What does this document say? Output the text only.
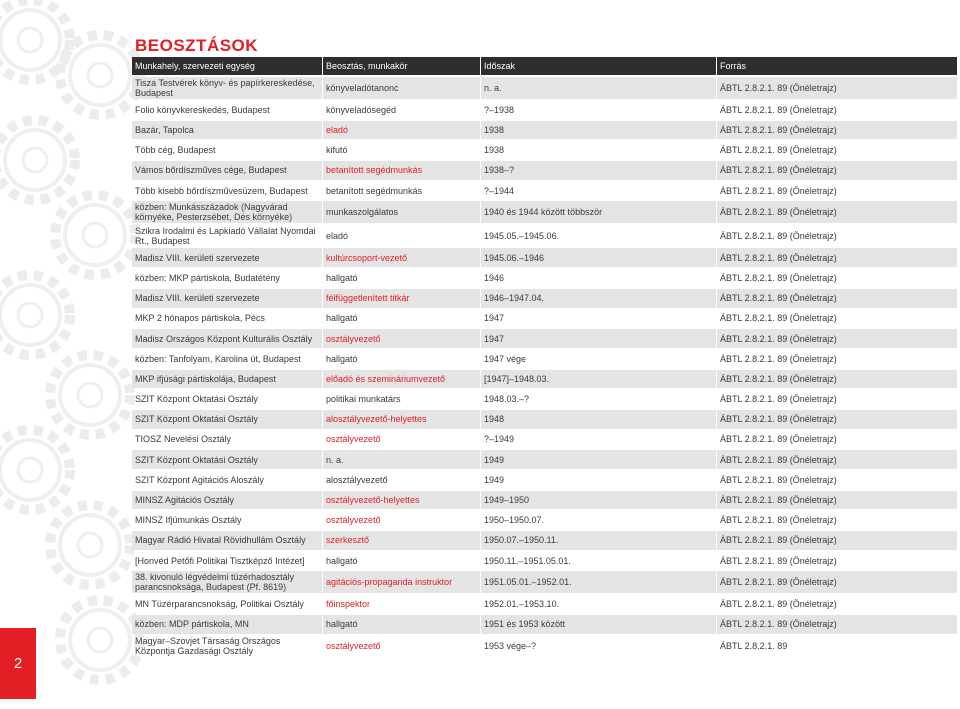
BEOSZTÁSOK
Munkahely, szervezeti egység	Beosztás, munkakör	Időszak	Forrás
Tisza Testvérek könyv- és papírkereskedése, Budapest	könyveladótanonc	n. a.	ÁBTL 2.8.2.1. 89 (Önéletrajz)
Folio könyvkereskedés, Budapest	könyveladósegéd	?–1938	ÁBTL 2.8.2.1. 89 (Önéletrajz)
Bazár, Tapolca	eladó	1938	ÁBTL 2.8.2.1. 89 (Önéletrajz)
Több cég, Budapest	kifutó	1938	ÁBTL 2.8.2.1. 89 (Önéletrajz)
Vámos bőrdíszműves cége, Budapest	betanított segédmunkás	1938–?	ÁBTL 2.8.2.1. 89 (Önéletrajz)
Több kisebb bőrdíszművesüzem, Budapest	betanított segédmunkás	?–1944	ÁBTL 2.8.2.1. 89 (Önéletrajz)
közben: Munkásszázadok (Nagyvárad környéke, Pesterzsébet, Dés környéke)	munkaszolgálatos	1940 és 1944 között többször	ÁBTL 2.8.2.1. 89 (Önéletrajz)
Szikra Irodalmi és Lapkiadó Vállalat Nyomdai Rt., Budapest	eladó	1945.05.–1945.06.	ÁBTL 2.8.2.1. 89 (Önéletrajz)
Madisz VIII. kerületi szervezete	kultúrcsoport-vezető	1945.06.–1946	ÁBTL 2.8.2.1. 89 (Önéletrajz)
közben: MKP pártiskola, Budatétény	hallgató	1946	ÁBTL 2.8.2.1. 89 (Önéletrajz)
Madisz VIII. kerületi szervezete	félfüggetlenített titkár	1946–1947.04.	ÁBTL 2.8.2.1. 89 (Önéletrajz)
MKP 2 hónapos pártiskola, Pécs	hallgató	1947	ÁBTL 2.8.2.1. 89 (Önéletrajz)
Madisz Országos Központ Kulturális Osztály	osztályvezető	1947	ÁBTL 2.8.2.1. 89 (Önéletrajz)
közben: Tanfolyam, Karolina út, Budapest	hallgató	1947 vége	ÁBTL 2.8.2.1. 89 (Önéletrajz)
MKP ifjúsági pártiskolája, Budapest	előadó és szemináriumvezető	[1947]–1948.03.	ÁBTL 2.8.2.1. 89 (Önéletrajz)
SZIT Központ Oktatási Osztály	politikai munkatárs	1948.03.–?	ÁBTL 2.8.2.1. 89 (Önéletrajz)
SZIT Központ Oktatási Osztály	alosztályvezető-helyettes	1948	ÁBTL 2.8.2.1. 89 (Önéletrajz)
TIOSZ Nevelési Osztály	osztályvezető	?–1949	ÁBTL 2.8.2.1. 89 (Önéletrajz)
SZIT Központ Oktatási Osztály	n. a.	1949	ÁBTL 2.8.2.1. 89 (Önéletrajz)
SZIT Központ Agitációs Aloszály	alosztályvezető	1949	ÁBTL 2.8.2.1. 89 (Önéletrajz)
MINSZ Agitációs Osztály	osztályvezető-helyettes	1949–1950	ÁBTL 2.8.2.1. 89 (Önéletrajz)
MINSZ Ifjúmunkás Osztály	osztályvezető	1950–1950.07.	ÁBTL 2.8.2.1. 89 (Önéletrajz)
Magyar Rádió Hivatal Rövidhullám Osztály	szerkesztő	1950.07.–1950.11.	ÁBTL 2.8.2.1. 89 (Önéletrajz)
[Honvéd Petőfi Politikai Tisztképző Intézet]	hallgató	1950.11.–1951.05.01.	ÁBTL 2.8.2.1. 89 (Önéletrajz)
38. kivonuló légvédelmi tüzérhadosztály parancsnoksága, Budapest (Pf. 8619)	agitációs-propaganda instruktor	1951.05.01.–1952.01.	ÁBTL 2.8.2.1. 89 (Önéletrajz)
MN Tüzérparancsnokság, Politikai Osztály	főinspektor	1952.01.–1953.10.	ÁBTL 2.8.2.1. 89 (Önéletrajz)
közben: MDP pártiskola, MN	hallgató	1951 és 1953 között	ÁBTL 2.8.2.1. 89 (Önéletrajz)
Magyar–Szovjet Társaság Országos Központja Gazdasági Osztály	osztályvezető	1953 vége–?	ÁBTL 2.8.2.1. 89
2
